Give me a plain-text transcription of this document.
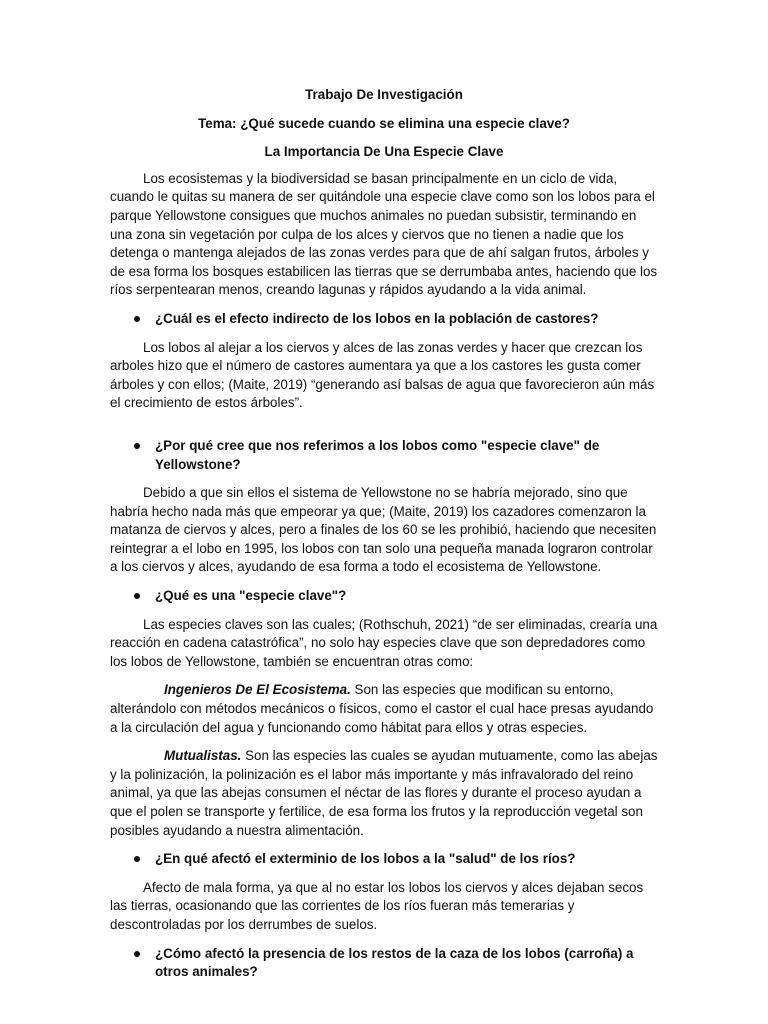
Trabajo De Investigación
Tema: ¿Qué sucede cuando se elimina una especie clave?
La Importancia De Una Especie Clave

Los ecosistemas y la biodiversidad se basan principalmente en un ciclo de vida, cuando le quitas su manera de ser quitándole una especie clave como son los lobos para el parque Yellowstone consigues que muchos animales no puedan subsistir, terminando en una zona sin vegetación por culpa de los alces y ciervos que no tienen a nadie que los detenga o mantenga alejados de las zonas verdes para que de ahí salgan frutos, árboles y de esa forma los bosques estabilicen las tierras que se derrumbaba antes, haciendo que los ríos serpentearan menos, creando lagunas y rápidos ayudando a la vida animal.

¿Cuál es el efecto indirecto de los lobos en la población de castores?

Los lobos al alejar a los ciervos y alces de las zonas verdes y hacer que crezcan los arboles hizo que el número de castores aumentara ya que a los castores les gusta comer árboles y con ellos; (Maite, 2019) “generando así balsas de agua que favorecieron aún más el crecimiento de estos árboles”.

¿Por qué cree que nos referimos a los lobos como "especie clave" de Yellowstone?

Debido a que sin ellos el sistema de Yellowstone no se habría mejorado, sino que habría hecho nada más que empeorar ya que; (Maite, 2019) los cazadores comenzaron la matanza de ciervos y alces, pero a finales de los 60 se les prohibió, haciendo que necesiten reintegrar a el lobo en 1995, los lobos con tan solo una pequeña manada lograron controlar a los ciervos y alces, ayudando de esa forma a todo el ecosistema de Yellowstone.

¿Qué es una "especie clave"?

Las especies claves son las cuales; (Rothschuh, 2021) “de ser eliminadas, crearía una reacción en cadena catastrófica”, no solo hay especies clave que son depredadores como los lobos de Yellowstone, también se encuentran otras como:

Ingenieros De El Ecosistema. Son las especies que modifican su entorno, alterándolo con métodos mecánicos o físicos, como el castor el cual hace presas ayudando a la circulación del agua y funcionando como hábitat para ellos y otras especies.

Mutualistas. Son las especies las cuales se ayudan mutuamente, como las abejas y la polinización, la polinización es el labor más importante y más infravalorado del reino animal, ya que las abejas consumen el néctar de las flores y durante el proceso ayudan a que el polen se transporte y fertilice, de esa forma los frutos y la reproducción vegetal son posibles ayudando a nuestra alimentación.

¿En qué afectó el exterminio de los lobos a la "salud" de los ríos?

Afecto de mala forma, ya que al no estar los lobos los ciervos y alces dejaban secos las tierras, ocasionando que las corrientes de los ríos fueran más temerarias y descontroladas por los derrumbes de suelos.

¿Cómo afectó la presencia de los restos de la caza de los lobos (carroña) a otros animales?
